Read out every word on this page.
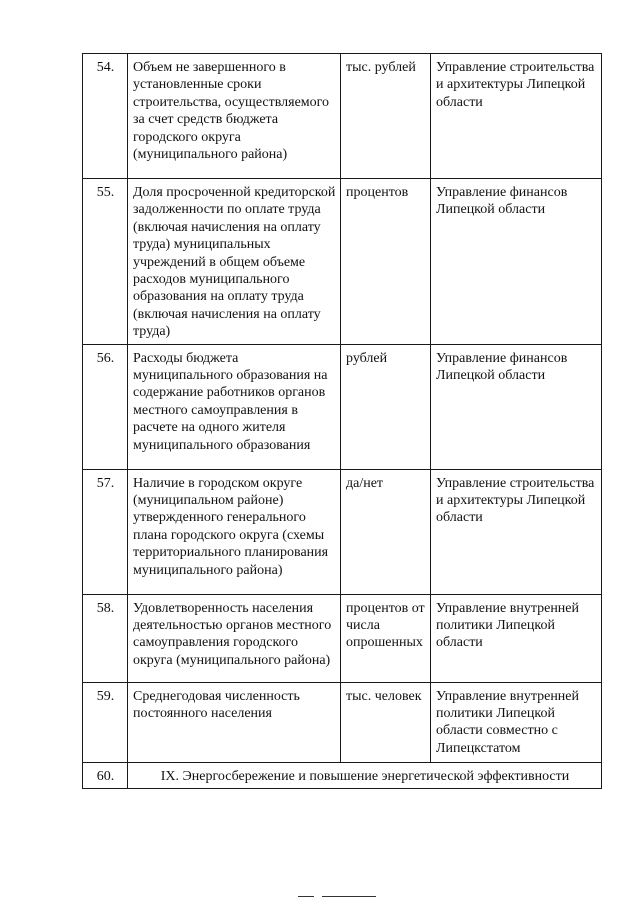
54.	Объем не завершенного в установленные сроки строительства, осуществляемого за счет средств бюджета городского округа (муниципального района)	тыс. рублей	Управление строительства и архитектуры Липецкой области
55.	Доля просроченной кредиторской задолженности по оплате труда (включая начисления на оплату труда) муниципальных учреждений в общем объеме расходов муниципального образования на оплату труда (включая начисления на оплату труда)	процентов	Управление финансов Липецкой области
56.	Расходы бюджета муниципального образования на содержание работников органов местного самоуправления в расчете на одного жителя муниципального образования	рублей	Управление финансов Липецкой области
57.	Наличие в городском округе (муниципальном районе) утвержденного генерального плана городского округа (схемы территориального планирования муниципального района)	да/нет	Управление строительства и архитектуры Липецкой области
58.	Удовлетворенность населения деятельностью органов местного самоуправления городского округа (муниципального района)	процентов от числа опрошенных	Управление внутренней политики Липецкой области
59.	Среднегодовая численность постоянного населения	тыс. человек	Управление внутренней политики Липецкой области совместно с Липецкстатом
60.	IX. Энергосбережение и повышение энергетической эффективности		
